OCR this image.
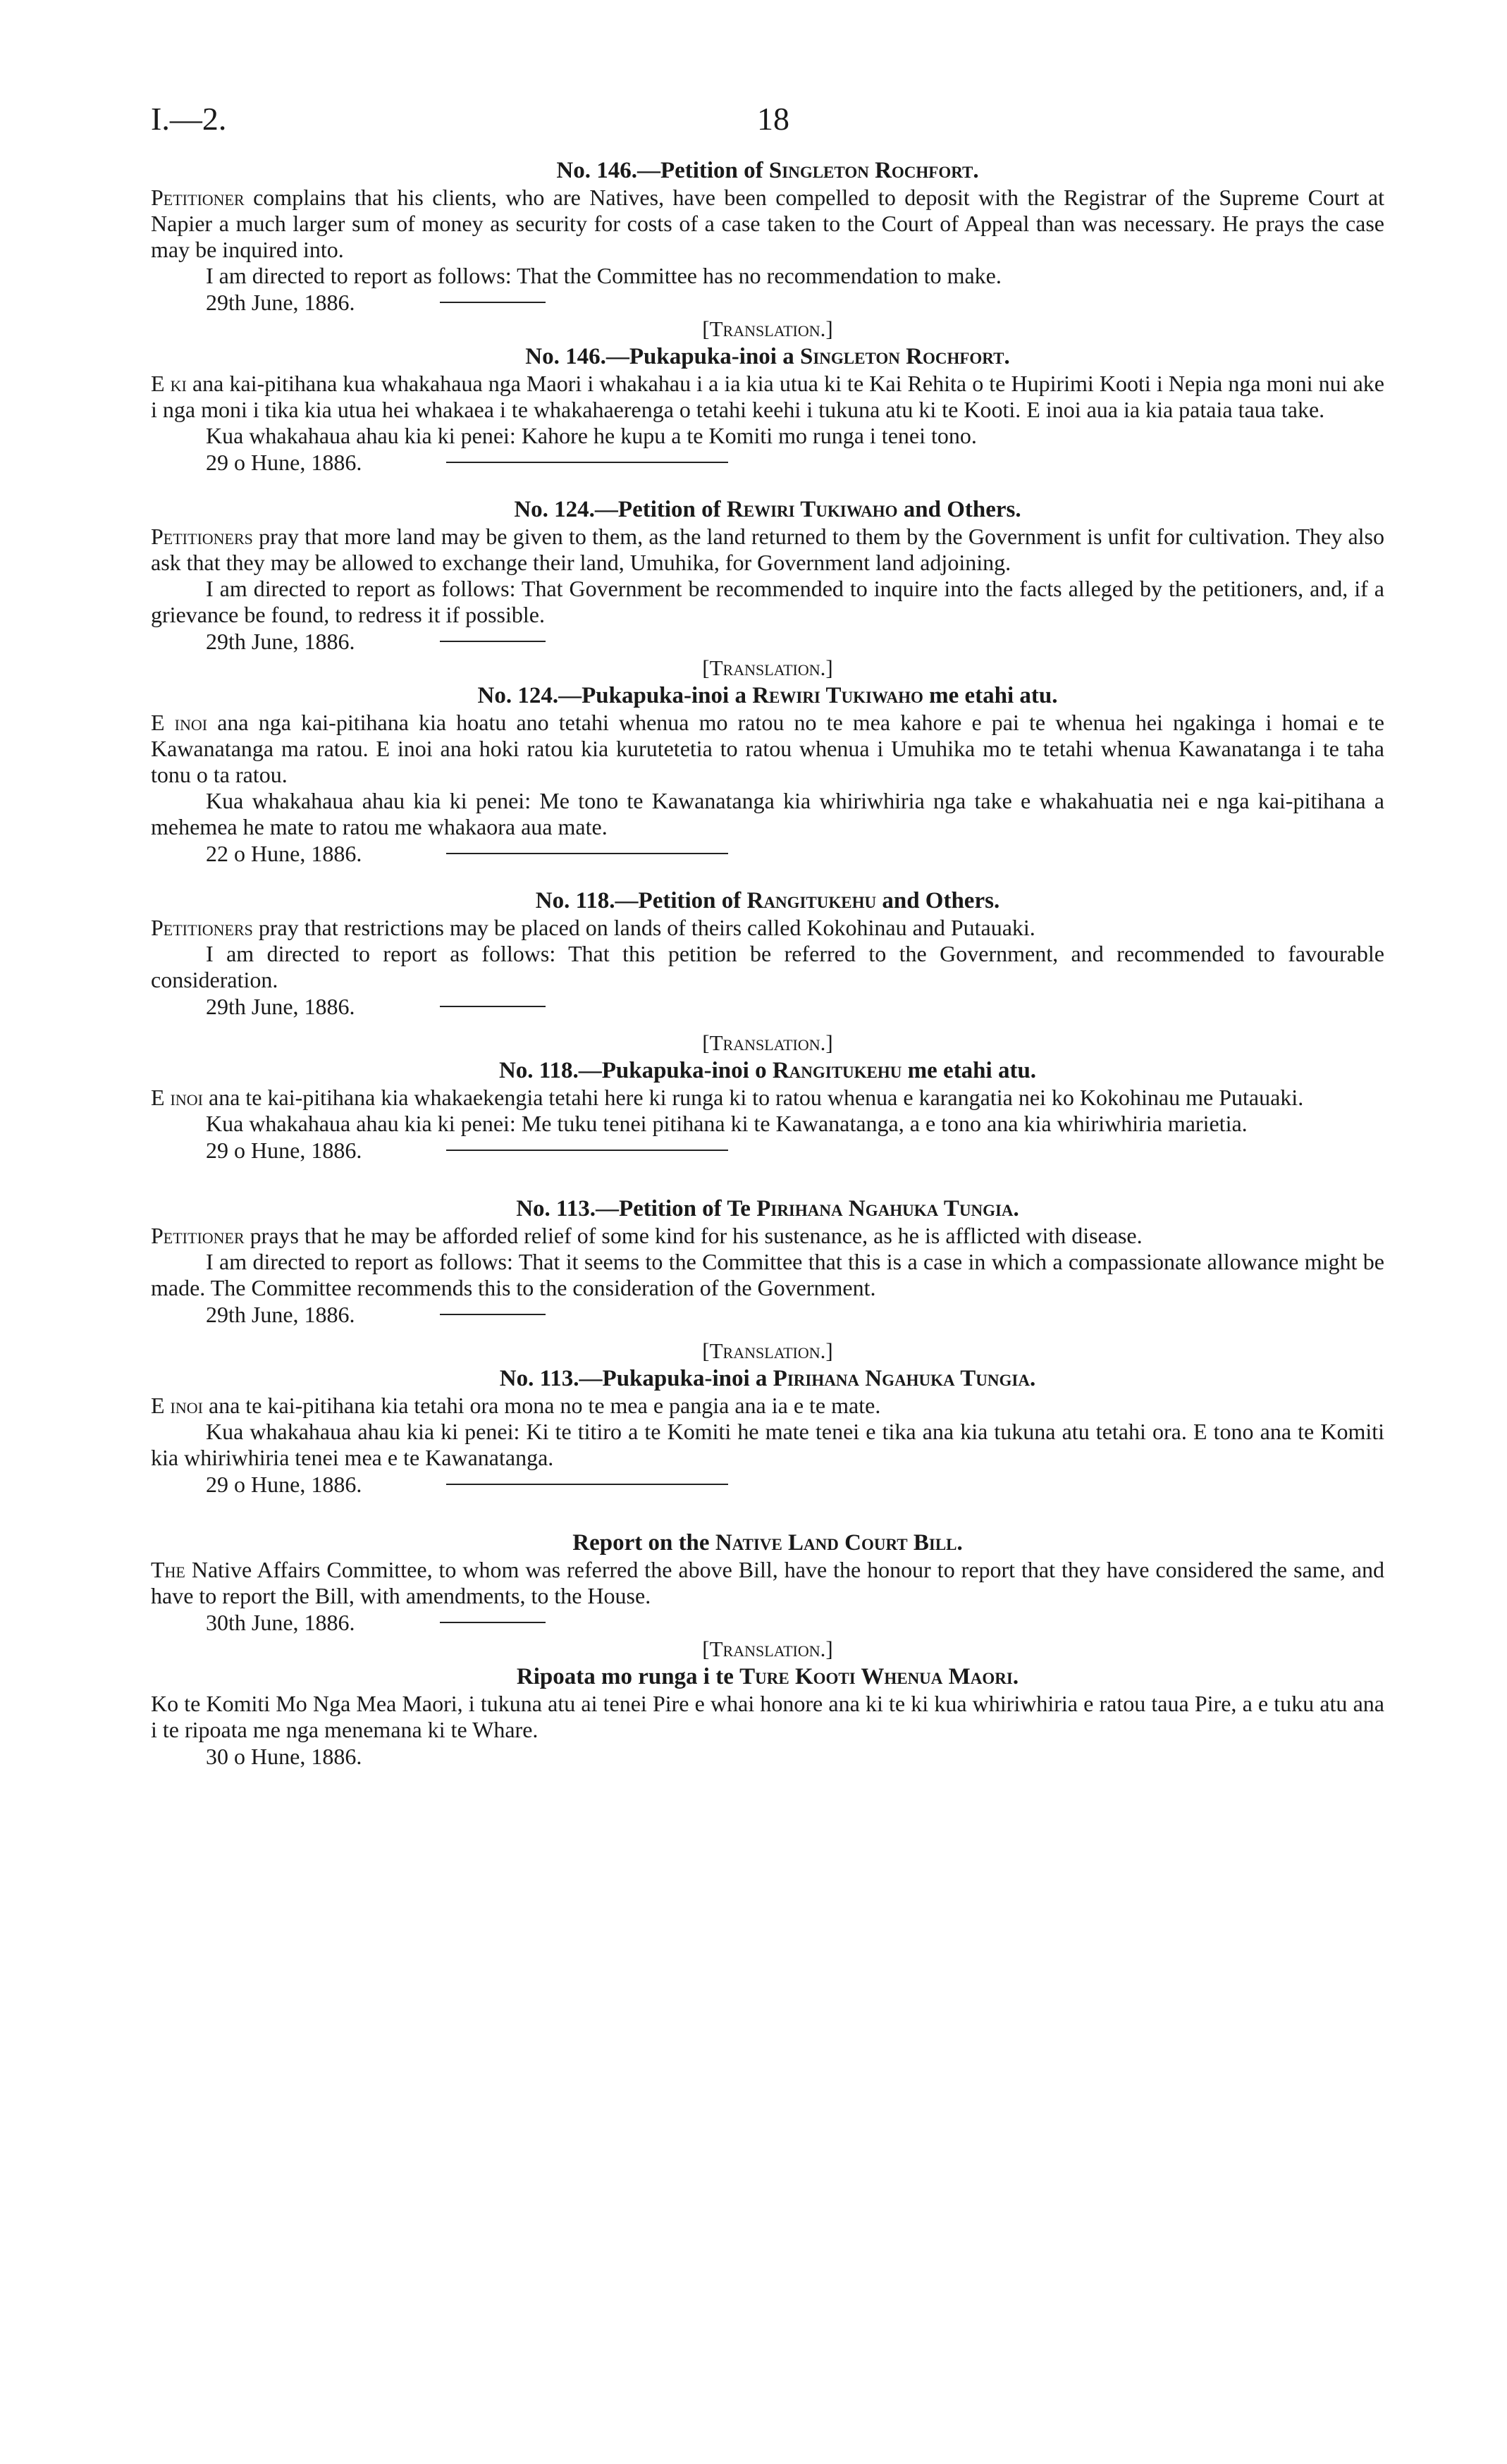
I.—2.	18
No. 146.—Petition of Singleton Rochfort.

Petitioner complains that his clients, who are Natives, have been compelled to deposit with the Registrar of the Supreme Court at Napier a much larger sum of money as security for costs of a case taken to the Court of Appeal than was necessary. He prays the case may be inquired into.

I am directed to report as follows: That the Committee has no recommendation to make.

29th June, 1886.
[Translation.]
No. 146.—Pukapuka-inoi a Singleton Rochfort.

E ki ana kai-pitihana kua whakahaua nga Maori i whakahau i a ia kia utua ki te Kai Rehita o te Hupirimi Kooti i Nepia nga moni nui ake i nga moni i tika kia utua hei whakaea i te whakahaerenga o tetahi keehi i tukuna atu ki te Kooti. E inoi aua ia kia pataia taua take.

Kua whakahaua ahau kia ki penei: Kahore he kupu a te Komiti mo runga i tenei tono.

29 o Hune, 1886.
No. 124.—Petition of Rewiri Tukiwaho and Others.

Petitioners pray that more land may be given to them, as the land returned to them by the Government is unfit for cultivation. They also ask that they may be allowed to exchange their land, Umuhika, for Government land adjoining.

I am directed to report as follows: That Government be recommended to inquire into the facts alleged by the petitioners, and, if a grievance be found, to redress it if possible.

29th June, 1886.
[Translation.]
No. 124.—Pukapuka-inoi a Rewiri Tukiwaho me etahi atu.

E inoi ana nga kai-pitihana kia hoatu ano tetahi whenua mo ratou no te mea kahore e pai te whenua hei ngakinga i homai e te Kawanatanga ma ratou. E inoi ana hoki ratou kia kurutetetia to ratou whenua i Umuhika mo te tetahi whenua Kawanatanga i te taha tonu o ta ratou.

Kua whakahaua ahau kia ki penei: Me tono te Kawanatanga kia whiriwhiria nga take e whakahuatia nei e nga kai-pitihana a mehemea he mate to ratou me whakaora aua mate.

22 o Hune, 1886.
No. 118.—Petition of Rangitukehu and Others.

Petitioners pray that restrictions may be placed on lands of theirs called Kokohinau and Putauaki.

I am directed to report as follows: That this petition be referred to the Government, and recommended to favourable consideration.

29th June, 1886.
[Translation.]
No. 118.—Pukapuka-inoi o Rangitukehu me etahi atu.

E inoi ana te kai-pitihana kia whakaekengia tetahi here ki runga ki to ratou whenua e karangatia nei ko Kokohinau me Putauaki.

Kua whakahaua ahau kia ki penei: Me tuku tenei pitihana ki te Kawanatanga, a e tono ana kia whiriwhiria marietia.

29 o Hune, 1886.
No. 113.—Petition of Te Pirihana Ngahuka Tungia.

Petitioner prays that he may be afforded relief of some kind for his sustenance, as he is afflicted with disease.

I am directed to report as follows: That it seems to the Committee that this is a case in which a compassionate allowance might be made. The Committee recommends this to the consideration of the Government.

29th June, 1886.
[Translation.]
No. 113.—Pukapuka-inoi a Pirihana Ngahuka Tungia.

E inoi ana te kai-pitihana kia tetahi ora mona no te mea e pangia ana ia e te mate.

Kua whakahaua ahau kia ki penei: Ki te titiro a te Komiti he mate tenei e tika ana kia tukuna atu tetahi ora. E tono ana te Komiti kia whiriwhiria tenei mea e te Kawanatanga.

29 o Hune, 1886.
Report on the Native Land Court Bill.

The Native Affairs Committee, to whom was referred the above Bill, have the honour to report that they have considered the same, and have to report the Bill, with amendments, to the House.

30th June, 1886.
[Translation.]
Ripoata mo runga i te Ture Kooti Whenua Maori.

Ko te Komiti Mo Nga Mea Maori, i tukuna atu ai tenei Pire e whai honore ana ki te ki kua whiriwhiria e ratou taua Pire, a e tuku atu ana i te ripoata me nga menemana ki te Whare.

30 o Hune, 1886.
